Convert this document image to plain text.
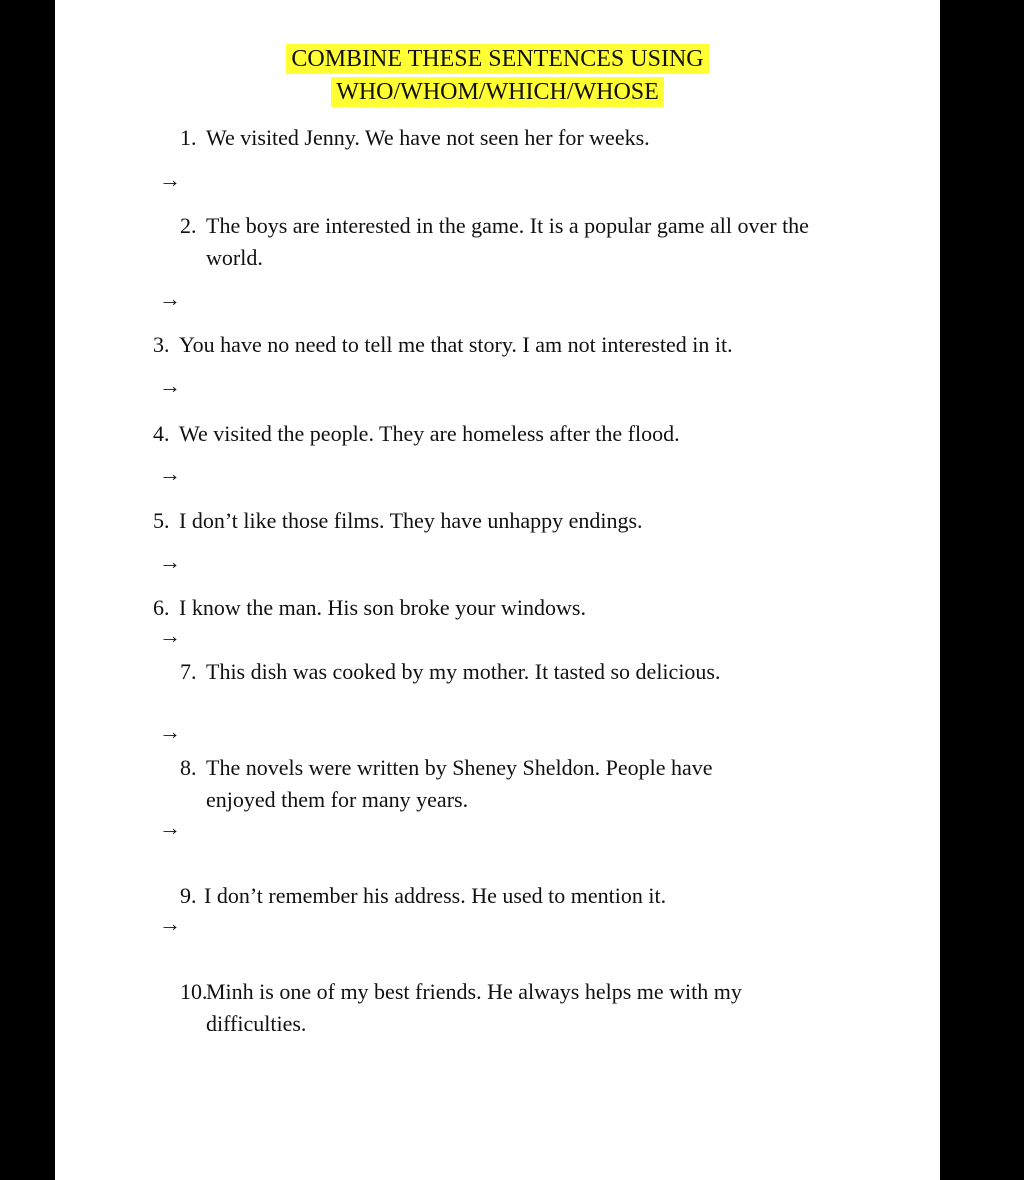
COMBINE THESE SENTENCES USING
WHO/WHOM/WHICH/WHOSE
1. We visited Jenny. We have not seen her for weeks.
→
2. The boys are interested in the game. It is a popular game all over the world.
→
3. You have no need to tell me that story. I am not interested in it.
→
4. We visited the people. They are homeless after the flood.
→
5. I don’t like those films. They have unhappy endings.
→
6. I know the man. His son broke your windows.
→
7. This dish was cooked by my mother. It tasted so delicious.
→
8. The novels were written by Sheney Sheldon. People have enjoyed them for many years.
→
9. I don’t remember his address. He used to mention it.
→
10.
Minh is one of my best friends. He always helps me with my difficulties.
